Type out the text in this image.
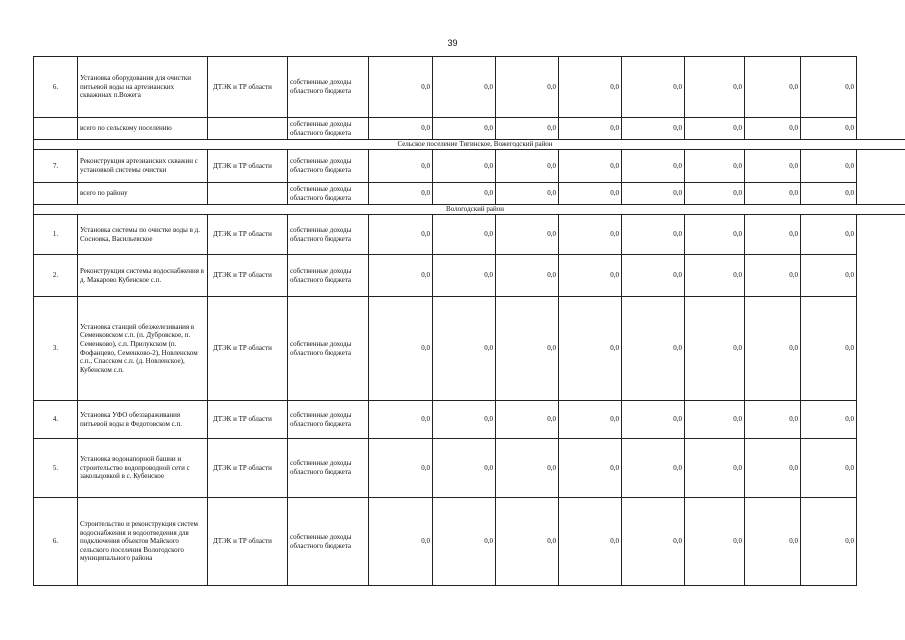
39
6.	Установка оборудования для очистки питьевой воды на артезианских скважинах п.Вожега	ДТЭК и ТР области	собственные доходы областного бюджета	0,0	0,0	0,0	0,0	0,0	0,0	0,0	0,0
	всего по сельскому поселению		собственные доходы областного бюджета	0,0	0,0	0,0	0,0	0,0	0,0	0,0	0,0
Сельское поселение Тигинское, Вожегодский район											
7.	Реконструкция артезианских скважин с установкой системы очистки	ДТЭК и ТР области	собственные доходы областного бюджета	0,0	0,0	0,0	0,0	0,0	0,0	0,0	0,0
	всего по району		собственные доходы областного бюджета	0,0	0,0	0,0	0,0	0,0	0,0	0,0	0,0
Вологодский район											
1.	Установка системы по очистке воды в д. Сосновка, Васильевское	ДТЭК и ТР области	собственные доходы областного бюджета	0,0	0,0	0,0	0,0	0,0	0,0	0,0	0,0
2.	Реконструкция системы водоснабжения в д. Макарово Кубенское с.п.	ДТЭК и ТР области	собственные доходы областного бюджета	0,0	0,0	0,0	0,0	0,0	0,0	0,0	0,0
3.	Установка станций обезжелезивания в Семенковском с.п. (п. Дубровское, п. Семенково), с.п. Прилукском (п. Фофанцево, Семенково-2), Новленском с.п., Спасском с.п. (д. Новленское), Кубенском с.п.	ДТЭК и ТР области	собственные доходы областного бюджета	0,0	0,0	0,0	0,0	0,0	0,0	0,0	0,0
4.	Установка УФО обеззараживания питьевой воды в Федотовском с.п.	ДТЭК и ТР области	собственные доходы областного бюджета	0,0	0,0	0,0	0,0	0,0	0,0	0,0	0,0
5.	Установка водонапорной башни и строительство водопроводной сети с закольцовкой в с. Кубенское	ДТЭК и ТР области	собственные доходы областного бюджета	0,0	0,0	0,0	0,0	0,0	0,0	0,0	0,0
6.	Строительство и реконструкция систем водоснабжения и водоотведения для подключения объектов Майского сельского поселения Вологодского муниципального района	ДТЭК и ТР области	собственные доходы областного бюджета	0,0	0,0	0,0	0,0	0,0	0,0	0,0	0,0
